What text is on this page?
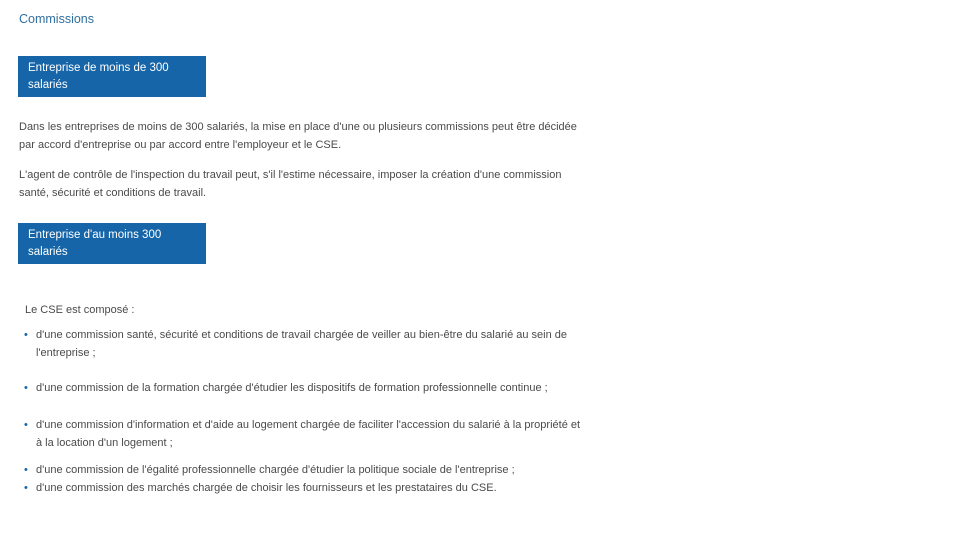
Commissions
Entreprise de moins de 300 salariés

Dans les entreprises de moins de 300 salariés, la mise en place d'une ou plusieurs commissions peut être décidée par accord d'entreprise ou par accord entre l'employeur et le CSE.

L'agent de contrôle de l'inspection du travail peut, s'il l'estime nécessaire, imposer la création d'une commission santé, sécurité et conditions de travail.

Entreprise d'au moins 300 salariés
Le CSE est composé :
• d'une commission santé, sécurité et conditions de travail chargée de veiller au bien-être du salarié au sein de l'entreprise ;
• d'une commission de la formation chargée d'étudier les dispositifs de formation professionnelle continue ;
• d'une commission d'information et d'aide au logement chargée de faciliter l'accession du salarié à la propriété et à la location d'un logement ;
• d'une commission de l'égalité professionnelle chargée d'étudier la politique sociale de l'entreprise ;
• d'une commission des marchés chargée de choisir les fournisseurs et les prestataires du CSE.
